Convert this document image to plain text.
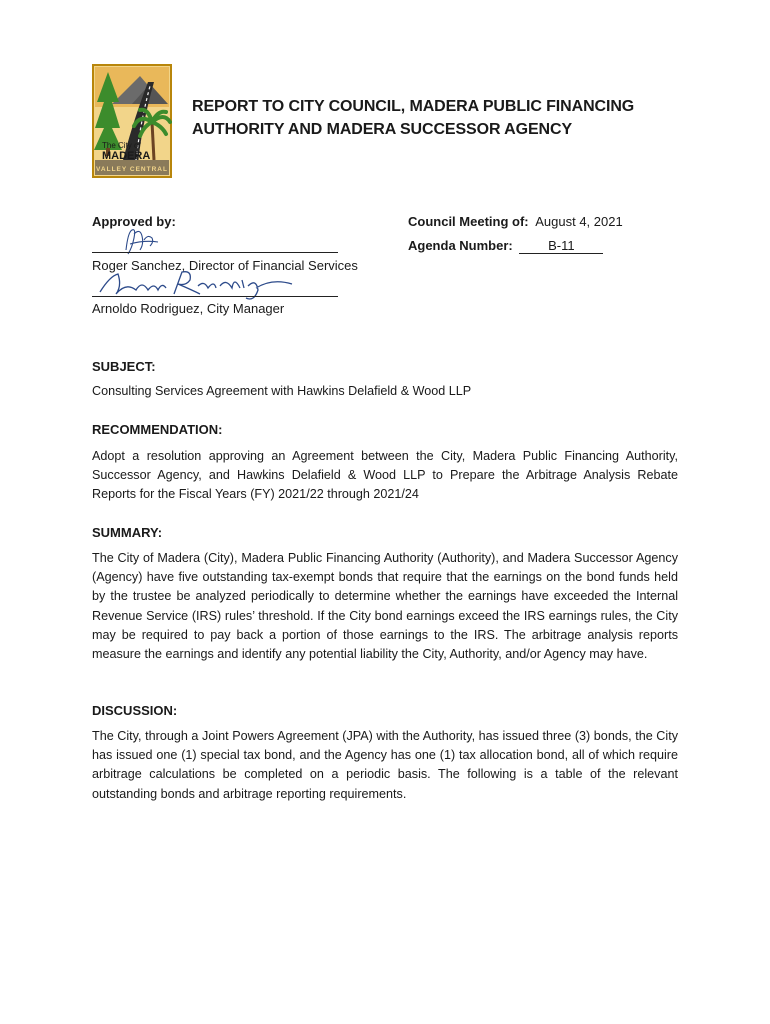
The City of
MADERA
VALLEY CENTRAL
REPORT TO CITY COUNCIL, MADERA PUBLIC FINANCING
AUTHORITY AND MADERA SUCCESSOR AGENCY
Approved by:
Roger Sanchez, Director of Financial Services
Arnoldo Rodriguez, City Manager
Council Meeting of: August 4, 2021
Agenda Number:	B-11
SUBJECT:
Consulting Services Agreement with Hawkins Delafield & Wood LLP
RECOMMENDATION:
Adopt a resolution approving an Agreement between the City, Madera Public Financing Authority, Successor Agency, and Hawkins Delafield & Wood LLP to Prepare the Arbitrage Analysis Rebate Reports for the Fiscal Years (FY) 2021/22 through 2021/24
SUMMARY:
The City of Madera (City), Madera Public Financing Authority (Authority), and Madera Successor Agency (Agency) have five outstanding tax-exempt bonds that require that the earnings on the bond funds held by the trustee be analyzed periodically to determine whether the earnings have exceeded the Internal Revenue Service (IRS) rules’ threshold. If the City bond earnings exceed the IRS earnings rules, the City may be required to pay back a portion of those earnings to the IRS. The arbitrage analysis reports measure the earnings and identify any potential liability the City, Authority, and/or Agency may have.
DISCUSSION:
The City, through a Joint Powers Agreement (JPA) with the Authority, has issued three (3) bonds, the City has issued one (1) special tax bond, and the Agency has one (1) tax allocation bond, all of which require arbitrage calculations be completed on a periodic basis. The following is a table of the relevant outstanding bonds and arbitrage reporting requirements.
